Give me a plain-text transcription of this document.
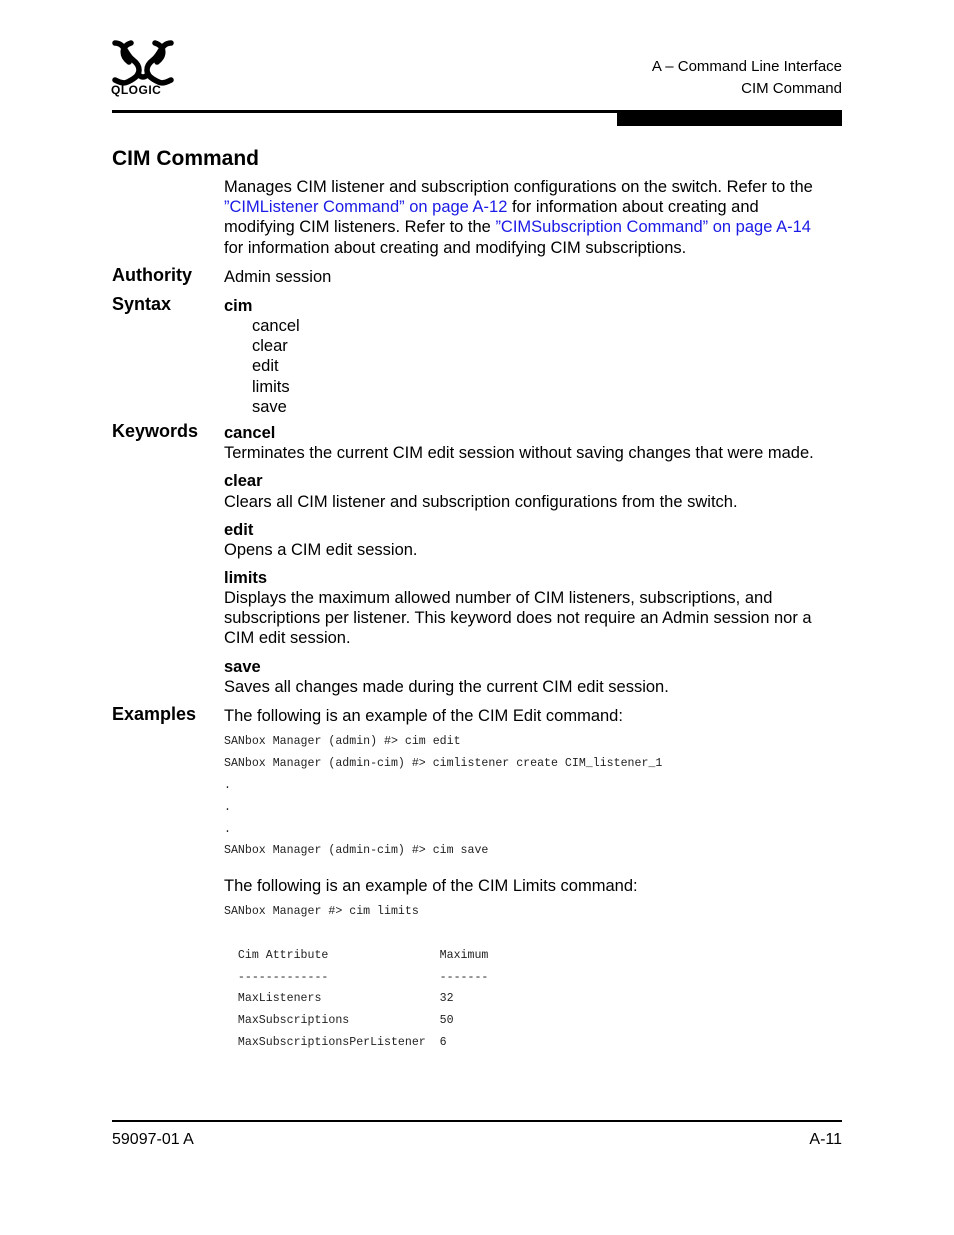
QLOGIC
A – Command Line Interface
CIM Command
CIM Command
Manages CIM listener and subscription configurations on the switch. Refer to the
”CIMListener Command” on page A-12 for information about creating and
modifying CIM listeners. Refer to the ”CIMSubscription Command” on page A-14
for information about creating and modifying CIM subscriptions.
Authority Admin session
Syntax	cim
cancel
clear
edit
limits
save
Keywords cancel
Terminates the current CIM edit session without saving changes that were made.
clear
Clears all CIM listener and subscription configurations from the switch.
edit
Opens a CIM edit session.
limits
Displays the maximum allowed number of CIM listeners, subscriptions, and
subscriptions per listener. This keyword does not require an Admin session nor a
CIM edit session.
save
Saves all changes made during the current CIM edit session.
Examples The following is an example of the CIM Edit command:
SANbox Manager (admin) #> cim edit
SANbox Manager (admin-cim) #> cimlistener create CIM_listener_1
.
.
.
SANbox Manager (admin-cim) #> cim save
The following is an example of the CIM Limits command:
SANbox Manager #> cim limits
Cim Attribute                Maximum
-------------                -------
MaxListeners                 32
MaxSubscriptions             50
MaxSubscriptionsPerListener  6
59097-01 A	A-11
